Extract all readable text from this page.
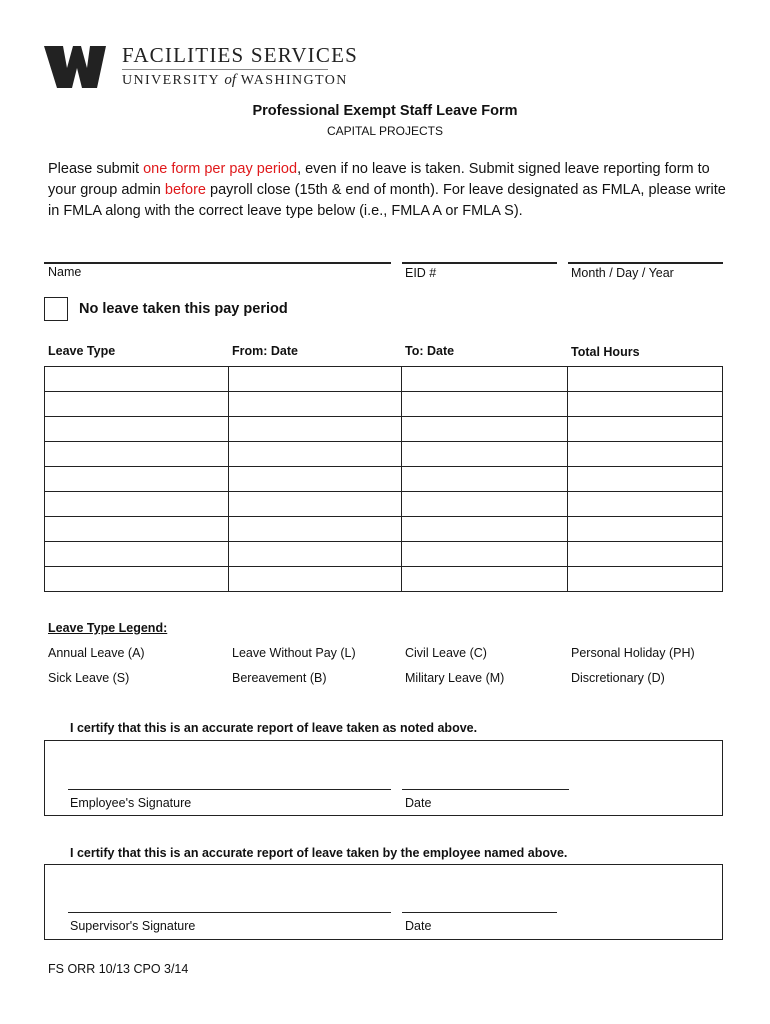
FACILITIES SERVICES
UNIVERSITY of WASHINGTON
Professional Exempt Staff Leave Form
CAPITAL PROJECTS
Please submit one form per pay period, even if no leave is taken. Submit signed leave reporting form to your group admin before payroll close (15th & end of month). For leave designated as FMLA, please write in FMLA along with the correct leave type below (i.e., FMLA A or FMLA S).
Name	EID #	Month / Day / Year
No leave taken this pay period
Leave Type	From: Date	To: Date	Total Hours

Leave Type Legend:
Annual Leave (A)	Leave Without Pay (L)	Civil Leave (C)	Personal Holiday (PH)
Sick Leave (S)	Bereavement (B)	Military Leave (M)	Discretionary (D)
I certify that this is an accurate report of leave taken as noted above.
Employee's Signature	Date
I certify that this is an accurate report of leave taken by the employee named above.
Supervisor's Signature	Date
FS ORR 10/13 CPO 3/14
